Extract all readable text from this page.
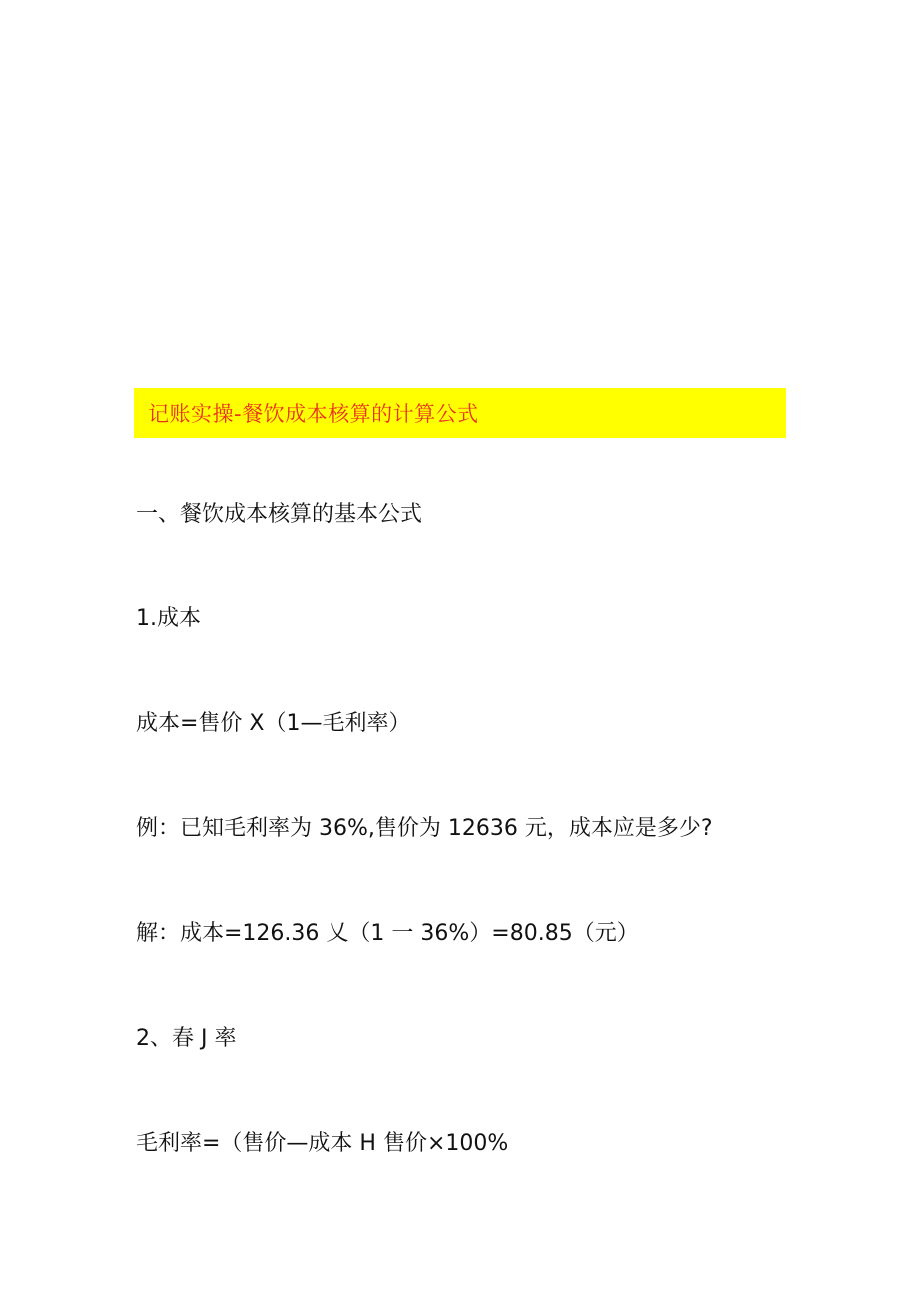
记账实操-餐饮成本核算的计算公式
一、餐饮成本核算的基本公式
1.成本
成本=售价 X（1—毛利率）
例：已知毛利率为 36%,售价为 12636 元，成本应是多少?
解：成本=126.36 乂（1 一 36%）=80.85（元）
2、春 J 率
毛利率=（售价—成本 H 售价×100%
